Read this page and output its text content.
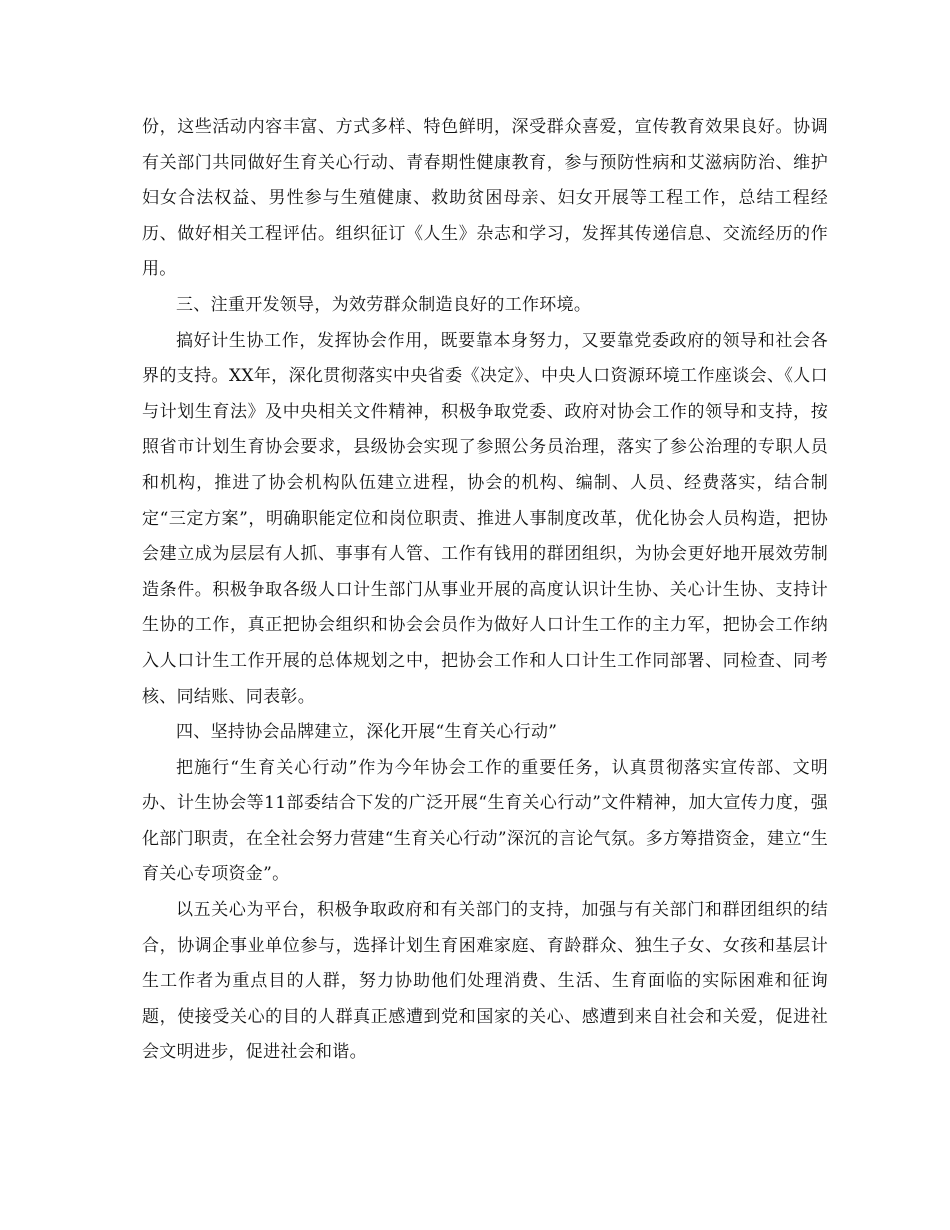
份，这些活动内容丰富、方式多样、特色鲜明，深受群众喜爱，宣传教育效果良好。协调有关部门共同做好生育关心行动、青春期性健康教育，参与预防性病和艾滋病防治、维护妇女合法权益、男性参与生殖健康、救助贫困母亲、妇女开展等工程工作，总结工程经历、做好相关工程评估。组织征订《人生》杂志和学习，发挥其传递信息、交流经历的作用。

三、注重开发领导，为效劳群众制造良好的工作环境。

搞好计生协工作，发挥协会作用，既要靠本身努力，又要靠党委政府的领导和社会各界的支持。XX年，深化贯彻落实中央省委《决定》、中央人口资源环境工作座谈会、《人口与计划生育法》及中央相关文件精神，积极争取党委、政府对协会工作的领导和支持，按照省市计划生育协会要求，县级协会实现了参照公务员治理，落实了参公治理的专职人员和机构，推进了协会机构队伍建立进程，协会的机构、编制、人员、经费落实，结合制定“三定方案”，明确职能定位和岗位职责、推进人事制度改革，优化协会人员构造，把协会建立成为层层有人抓、事事有人管、工作有钱用的群团组织，为协会更好地开展效劳制造条件。积极争取各级人口计生部门从事业开展的高度认识计生协、关心计生协、支持计生协的工作，真正把协会组织和协会会员作为做好人口计生工作的主力军，把协会工作纳入人口计生工作开展的总体规划之中，把协会工作和人口计生工作同部署、同检查、同考核、同结账、同表彰。

四、坚持协会品牌建立，深化开展“生育关心行动”

把施行“生育关心行动”作为今年协会工作的重要任务，认真贯彻落实宣传部、文明办、计生协会等11部委结合下发的广泛开展“生育关心行动”文件精神，加大宣传力度，强化部门职责，在全社会努力营建“生育关心行动”深沉的言论气氛。多方筹措资金，建立“生育关心专项资金”。

以五关心为平台，积极争取政府和有关部门的支持，加强与有关部门和群团组织的结合，协调企事业单位参与，选择计划生育困难家庭、育龄群众、独生子女、女孩和基层计生工作者为重点目的人群，努力协助他们处理消费、生活、生育面临的实际困难和征询题，使接受关心的目的人群真正感遭到党和国家的关心、感遭到来自社会和关爱，促进社会文明进步，促进社会和谐。
